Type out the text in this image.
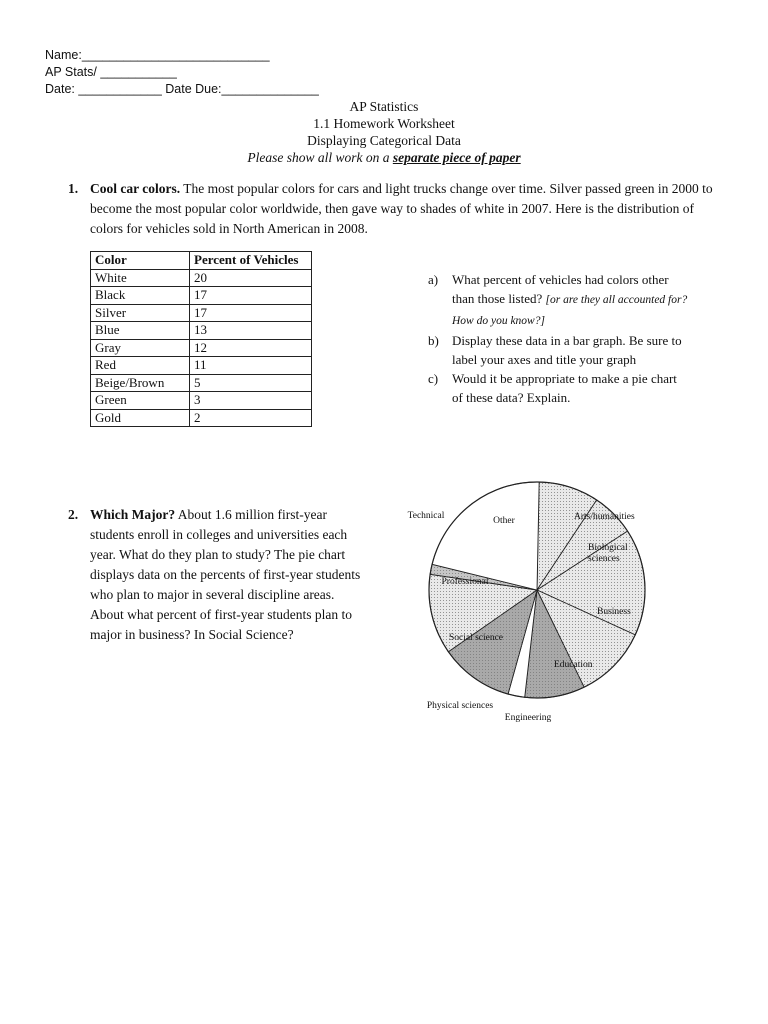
Name:___________________________
AP Stats/ ___________
Date: ____________ Date Due:______________
AP Statistics
1.1 Homework Worksheet
Displaying Categorical Data
Please show all work on a separate piece of paper
1. Cool car colors. The most popular colors for cars and light trucks change over time. Silver passed green in 2000 to become the most popular color worldwide, then gave way to shades of white in 2007. Here is the distribution of colors for vehicles sold in North American in 2008.
Color	Percent of Vehicles
White	20
Black	17
Silver	17
Blue	13
Gray	12
Red	11
Beige/Brown	5
Green	3
Gold	2
a) What percent of vehicles had colors other than those listed? [or are they all accounted for? How do you know?]
b) Display these data in a bar graph. Be sure to label your axes and title your graph
c) Would it be appropriate to make a pie chart of these data? Explain.
2. Which Major? About 1.6 million first-year students enroll in colleges and universities each year. What do they plan to study? The pie chart displays data on the percents of first-year students who plan to major in several discipline areas. About what percent of first-year students plan to major in business? In Social Science?
Arts/humanities
Biological
sciences
Business
Education
Engineering
Physical sciences
Social science
Professional
Technical	Other
